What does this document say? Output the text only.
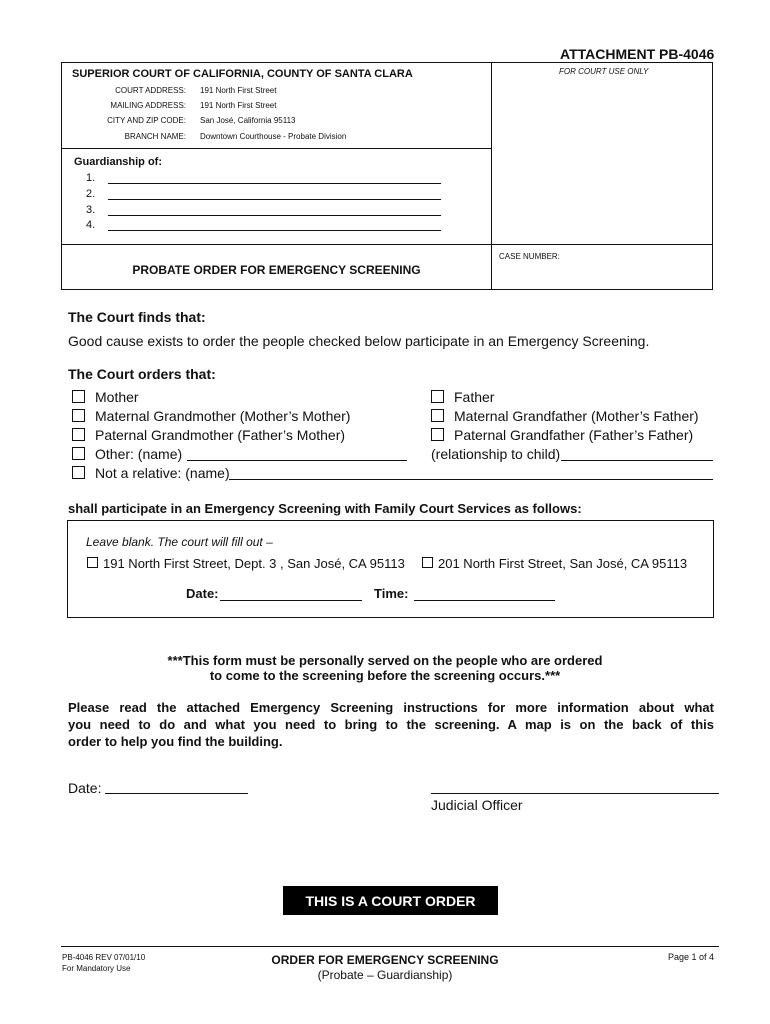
ATTACHMENT PB-4046
SUPERIOR COURT OF CALIFORNIA, COUNTY OF SANTA CLARA	FOR COURT USE ONLY
COURT ADDRESS: 191 North First Street
MAILING ADDRESS: 191 North First Street
CITY AND ZIP CODE: San José, California 95113
BRANCH NAME: Downtown Courthouse - Probate Division
Guardianship of:
1.
2.
3.
4.
CASE NUMBER:
PROBATE ORDER FOR EMERGENCY SCREENING
The Court finds that:
Good cause exists to order the people checked below participate in an Emergency Screening.
The Court orders that:
Mother
Maternal Grandmother (Mother’s Mother)
Paternal Grandmother (Father’s Mother)
Other: (name)
Not a relative: (name)
Father
Maternal Grandfather (Mother’s Father)
Paternal Grandfather (Father’s Father)
(relationship to child)
shall participate in an Emergency Screening with Family Court Services as follows:
Leave blank. The court will fill out –
191 North First Street, Dept. 3 , San José, CA 95113	201 North First Street, San José, CA 95113
Date:	Time:
***This form must be personally served on the people who are ordered
to come to the screening before the screening occurs.***
Please read the attached Emergency Screening instructions for more information about what
you need to do and what you need to bring to the screening. A map is on the back of this
order to help you find the building.
Date:
Judicial Officer
THIS IS A COURT ORDER
PB-4046 REV 07/01/10
For Mandatory Use
ORDER FOR EMERGENCY SCREENING
(Probate – Guardianship)
Page 1 of 4
